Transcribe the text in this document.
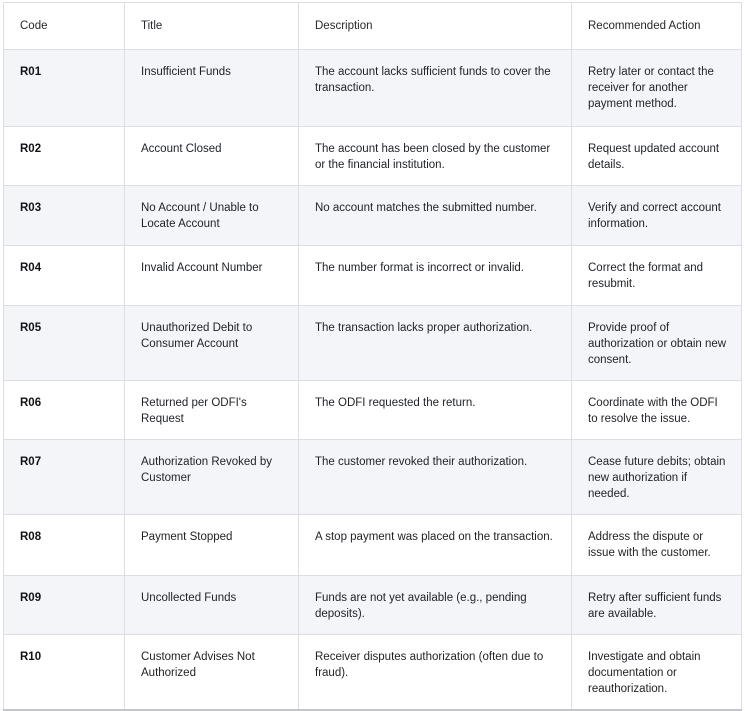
Code	Title	Description	Recommended Action
R01	Insufficient Funds	The account lacks sufficient funds to cover the transaction.	Retry later or contact the receiver for another payment method.
R02	Account Closed	The account has been closed by the customer or the financial institution.	Request updated account details.
R03	No Account / Unable to Locate Account	No account matches the submitted number.	Verify and correct account information.
R04	Invalid Account Number	The number format is incorrect or invalid.	Correct the format and resubmit.
R05	Unauthorized Debit to Consumer Account	The transaction lacks proper authorization.	Provide proof of authorization or obtain new consent.
R06	Returned per ODFI's Request	The ODFI requested the return.	Coordinate with the ODFI to resolve the issue.
R07	Authorization Revoked by Customer	The customer revoked their authorization.	Cease future debits; obtain new authorization if needed.
R08	Payment Stopped	A stop payment was placed on the transaction.	Address the dispute or issue with the customer.
R09	Uncollected Funds	Funds are not yet available (e.g., pending deposits).	Retry after sufficient funds are available.
R10	Customer Advises Not Authorized	Receiver disputes authorization (often due to fraud).	Investigate and obtain documentation or reauthorization.
